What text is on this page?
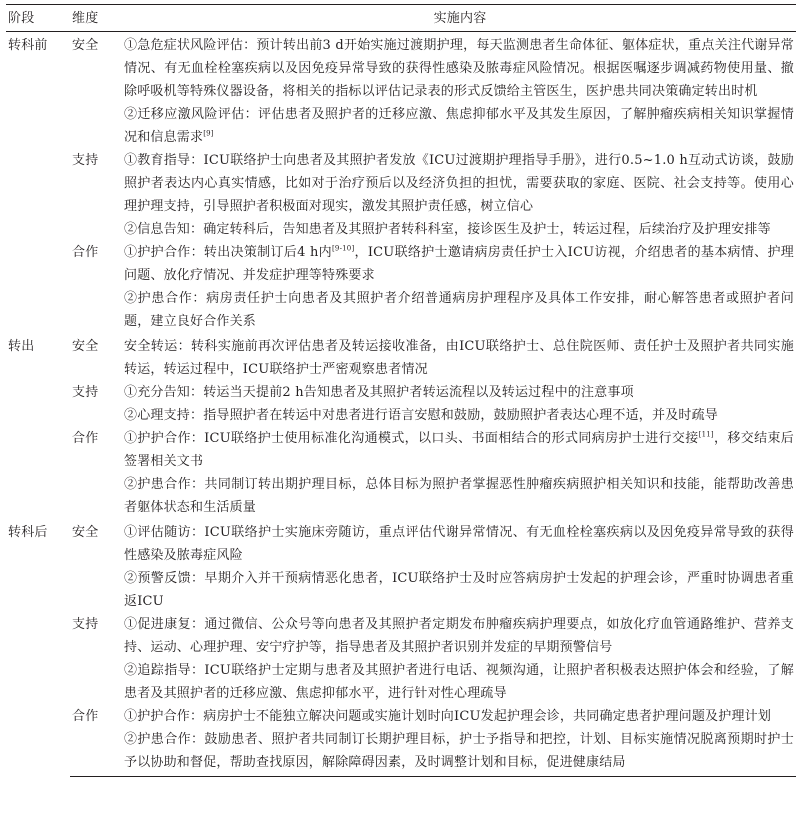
阶段	维度	实施内容
转科前	安全	①急危症状风险评估：预计转出前3 d开始实施过渡期护理，每天监测患者生命体征、躯体症状，重点关注代谢异常情况、有无血栓栓塞疾病以及因免疫异常导致的获得性感染及脓毒症风险情况。根据医嘱逐步调减药物使用量、撤除呼吸机等特殊仪器设备，将相关的指标以评估记录表的形式反馈给主管医生，医护患共同决策确定转出时机

②迁移应激风险评估：评估患者及照护者的迁移应激、焦虑抑郁水平及其发生原因，了解肿瘤疾病相关知识掌握情况和信息需求[9]

	支持	①教育指导：ICU联络护士向患者及其照护者发放《ICU过渡期护理指导手册》，进行0.5~1.0 h互动式访谈，鼓励照护者表达内心真实情感，比如对于治疗预后以及经济负担的担忧，需要获取的家庭、医院、社会支持等。使用心理护理支持，引导照护者积极面对现实，激发其照护责任感，树立信心

②信息告知：确定转科后，告知患者及其照护者转科科室，接诊医生及护士，转运过程，后续治疗及护理安排等

	合作	①护护合作：转出决策制订后4 h内[9-10]，ICU联络护士邀请病房责任护士入ICU访视，介绍患者的基本病情、护理问题、放化疗情况、并发症护理等特殊要求

②护患合作：病房责任护士向患者及其照护者介绍普通病房护理程序及具体工作安排，耐心解答患者或照护者问题，建立良好合作关系

转出	安全	安全转运：转科实施前再次评估患者及转运接收准备，由ICU联络护士、总住院医师、责任护士及照护者共同实施转运，转运过程中，ICU联络护士严密观察患者情况

	支持	①充分告知：转运当天提前2 h告知患者及其照护者转运流程以及转运过程中的注意事项

②心理支持：指导照护者在转运中对患者进行语言安慰和鼓励，鼓励照护者表达心理不适，并及时疏导

	合作	①护护合作：ICU联络护士使用标准化沟通模式，以口头、书面相结合的形式同病房护士进行交接[11]，移交结束后签署相关文书

②护患合作：共同制订转出期护理目标，总体目标为照护者掌握恶性肿瘤疾病照护相关知识和技能，能帮助改善患者躯体状态和生活质量

转科后	安全	①评估随访：ICU联络护士实施床旁随访，重点评估代谢异常情况、有无血栓栓塞疾病以及因免疫异常导致的获得性感染及脓毒症风险

②预警反馈：早期介入并干预病情恶化患者，ICU联络护士及时应答病房护士发起的护理会诊，严重时协调患者重返ICU

	支持	①促进康复：通过微信、公众号等向患者及其照护者定期发布肿瘤疾病护理要点，如放化疗血管通路维护、营养支持、运动、心理护理、安宁疗护等，指导患者及其照护者识别并发症的早期预警信号

②追踪指导：ICU联络护士定期与患者及其照护者进行电话、视频沟通，让照护者积极表达照护体会和经验，了解患者及其照护者的迁移应激、焦虑抑郁水平，进行针对性心理疏导

	合作	①护护合作：病房护士不能独立解决问题或实施计划时向ICU发起护理会诊，共同确定患者护理问题及护理计划

②护患合作：鼓励患者、照护者共同制订长期护理目标，护士予指导和把控，计划、目标实施情况脱离预期时护士予以协助和督促，帮助查找原因，解除障碍因素，及时调整计划和目标，促进健康结局
